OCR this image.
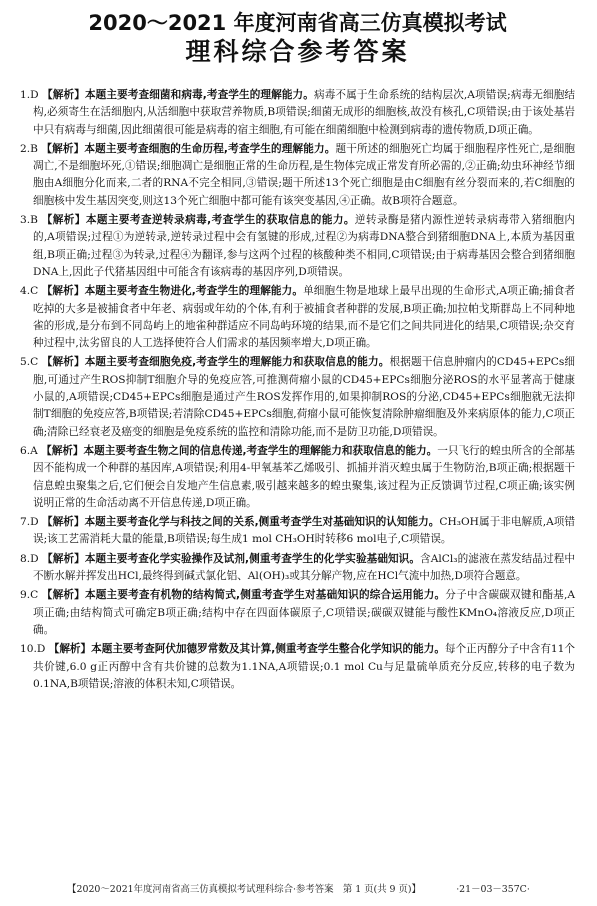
2020～2021 年度河南省高三仿真模拟考试
理科综合参考答案

1.D 【解析】本题主要考查细菌和病毒,考查学生的理解能力。病毒不属于生命系统的结构层次,A项错误;病毒无细胞结构,必须寄生在活细胞内,从活细胞中获取营养物质,B项错误;细菌无成形的细胞核,故没有核孔,C项错误;由于该处基岩中只有病毒与细菌,因此细菌很可能是病毒的宿主细胞,有可能在细菌细胞中检测到病毒的遗传物质,D项正确。

2.B 【解析】本题主要考查细胞的生命历程,考查学生的理解能力。题干所述的细胞死亡均属于细胞程序性死亡,是细胞凋亡,不是细胞坏死,①错误;细胞凋亡是细胞正常的生命历程,是生物体完成正常发育所必需的,②正确;幼虫环神经节细胞由A细胞分化而来,二者的RNA不完全相同,③错误;题干所述13个死亡细胞是由C细胞有丝分裂而来的,若C细胞的细胞核中发生基因突变,则这13个死亡细胞中都可能有该突变基因,④正确。故B项符合题意。

3.B 【解析】本题主要考查逆转录病毒,考查学生的获取信息的能力。逆转录酶是猪内源性逆转录病毒带入猪细胞内的,A项错误;过程①为逆转录,逆转录过程中会有氢键的形成,过程②为病毒DNA整合到猪细胞DNA上,本质为基因重组,B项正确;过程③为转录,过程④为翻译,参与这两个过程的核酸种类不相同,C项错误;由于病毒基因会整合到猪细胞DNA上,因此子代猪基因组中可能含有该病毒的基因序列,D项错误。

4.C 【解析】本题主要考查生物进化,考查学生的理解能力。单细胞生物是地球上最早出现的生命形式,A项正确;捕食者吃掉的大多是被捕食者中年老、病弱或年幼的个体,有利于被捕食者种群的发展,B项正确;加拉帕戈斯群岛上不同种地雀的形成,是分布到不同岛屿上的地雀种群适应不同岛屿环境的结果,而不是它们之间共同进化的结果,C项错误;杂交育种过程中,汰劣留良的人工选择使符合人们需求的基因频率增大,D项正确。

5.C 【解析】本题主要考查细胞免疫,考查学生的理解能力和获取信息的能力。根据题干信息肿瘤内的CD45+EPCs细胞,可通过产生ROS抑制T细胞介导的免疫应答,可推测荷瘤小鼠的CD45+EPCs细胞分泌ROS的水平显著高于健康小鼠的,A项错误;CD45+EPCs细胞是通过产生ROS发挥作用的,如果抑制ROS的分泌,CD45+EPCs细胞就无法抑制T细胞的免疫应答,B项错误;若清除CD45+EPCs细胞,荷瘤小鼠可能恢复清除肿瘤细胞及外来病原体的能力,C项正确;清除已经衰老及癌变的细胞是免疫系统的监控和清除功能,而不是防卫功能,D项错误。

6.A 【解析】本题主要考查生物之间的信息传递,考查学生的理解能力和获取信息的能力。一只飞行的蝗虫所含的全部基因不能构成一个种群的基因库,A项错误;利用4-甲氧基苯乙烯吸引、抓捕并消灭蝗虫属于生物防治,B项正确;根据题干信息蝗虫聚集之后,它们便会自发地产生信息素,吸引越来越多的蝗虫聚集,该过程为正反馈调节过程,C项正确;该实例说明正常的生命活动离不开信息传递,D项正确。

7.D 【解析】本题主要考查化学与科技之间的关系,侧重考查学生对基础知识的认知能力。CH₃OH属于非电解质,A项错误;该工艺需消耗大量的能量,B项错误;每生成1 mol CH₃OH时转移6 mol电子,C项错误。

8.D 【解析】本题主要考查化学实验操作及试剂,侧重考查学生的化学实验基础知识。含AlCl₃的滤液在蒸发结晶过程中不断水解并挥发出HCl,最终得到碱式氯化铝、Al(OH)₃或其分解产物,应在HCl气流中加热,D项符合题意。

9.C 【解析】本题主要考查有机物的结构简式,侧重考查学生对基础知识的综合运用能力。分子中含碳碳双键和酯基,A项正确;由结构简式可确定B项正确;结构中存在四面体碳原子,C项错误;碳碳双键能与酸性KMnO₄溶液反应,D项正确。

10.D 【解析】本题主要考查阿伏加德罗常数及其计算,侧重考查学生整合化学知识的能力。每个正丙醇分子中含有11个共价键,6.0 g正丙醇中含有共价键的总数为1.1NA,A项错误;0.1 mol Cu与足量硫单质充分反应,转移的电子数为0.1NA,B项错误;溶液的体积未知,C项错误。

【2020～2021年度河南省高三仿真模拟考试理科综合·参考答案　第 1 页(共 9 页)】	·21－03－357C·
